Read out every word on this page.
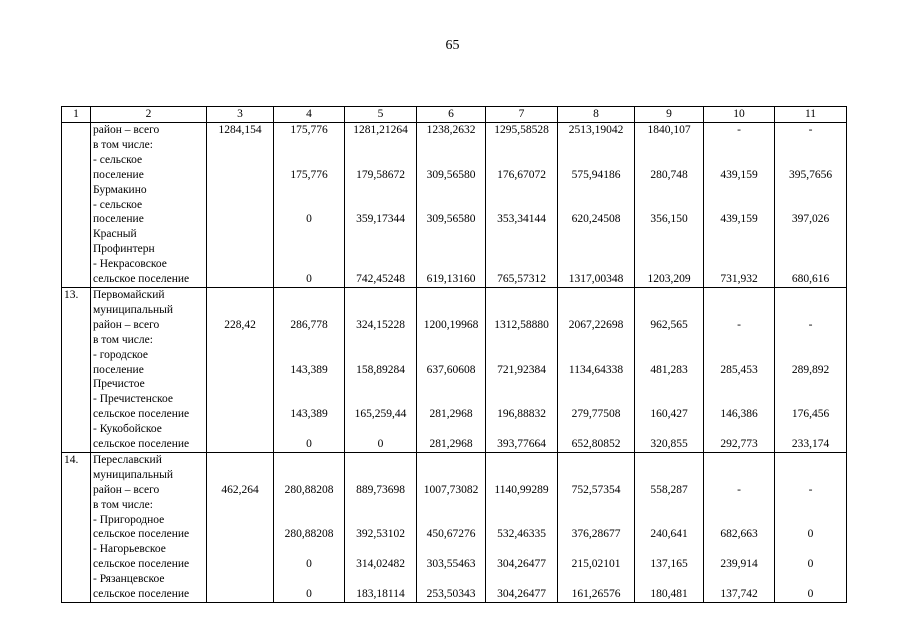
65
1	2	3	4	5	6	7	8	9	10	11
	район – всего	1284,154	175,776	1281,21264	1238,2632	1295,58528	2513,19042	1840,107	-	-
	в том числе:									
	- сельское									
	поселение		175,776	179,58672	309,56580	176,67072	575,94186	280,748	439,159	395,7656
	Бурмакино									
	- сельское									
	поселение		0	359,17344	309,56580	353,34144	620,24508	356,150	439,159	397,026
	Красный									
	Профинтерн									
	- Некрасовское									
	сельское поселение		0	742,45248	619,13160	765,57312	1317,00348	1203,209	731,932	680,616
13.	Первомайский									
	муниципальный									
	район – всего	228,42	286,778	324,15228	1200,19968	1312,58880	2067,22698	962,565	-	-
	в том числе:									
	- городское									
	поселение		143,389	158,89284	637,60608	721,92384	1134,64338	481,283	285,453	289,892
	Пречистое									
	- Пречистенское									
	сельское поселение		143,389	165,259,44	281,2968	196,88832	279,77508	160,427	146,386	176,456
	- Кукобойское									
	сельское поселение		0	0	281,2968	393,77664	652,80852	320,855	292,773	233,174
14.	Переславский									
	муниципальный									
	район – всего	462,264	280,88208	889,73698	1007,73082	1140,99289	752,57354	558,287	-	-
	в том числе:									
	- Пригородное									
	сельское поселение		280,88208	392,53102	450,67276	532,46335	376,28677	240,641	682,663	0
	- Нагорьевское									
	сельское поселение		0	314,02482	303,55463	304,26477	215,02101	137,165	239,914	0
	- Рязанцевское									
	сельское поселение		0	183,18114	253,50343	304,26477	161,26576	180,481	137,742	0
